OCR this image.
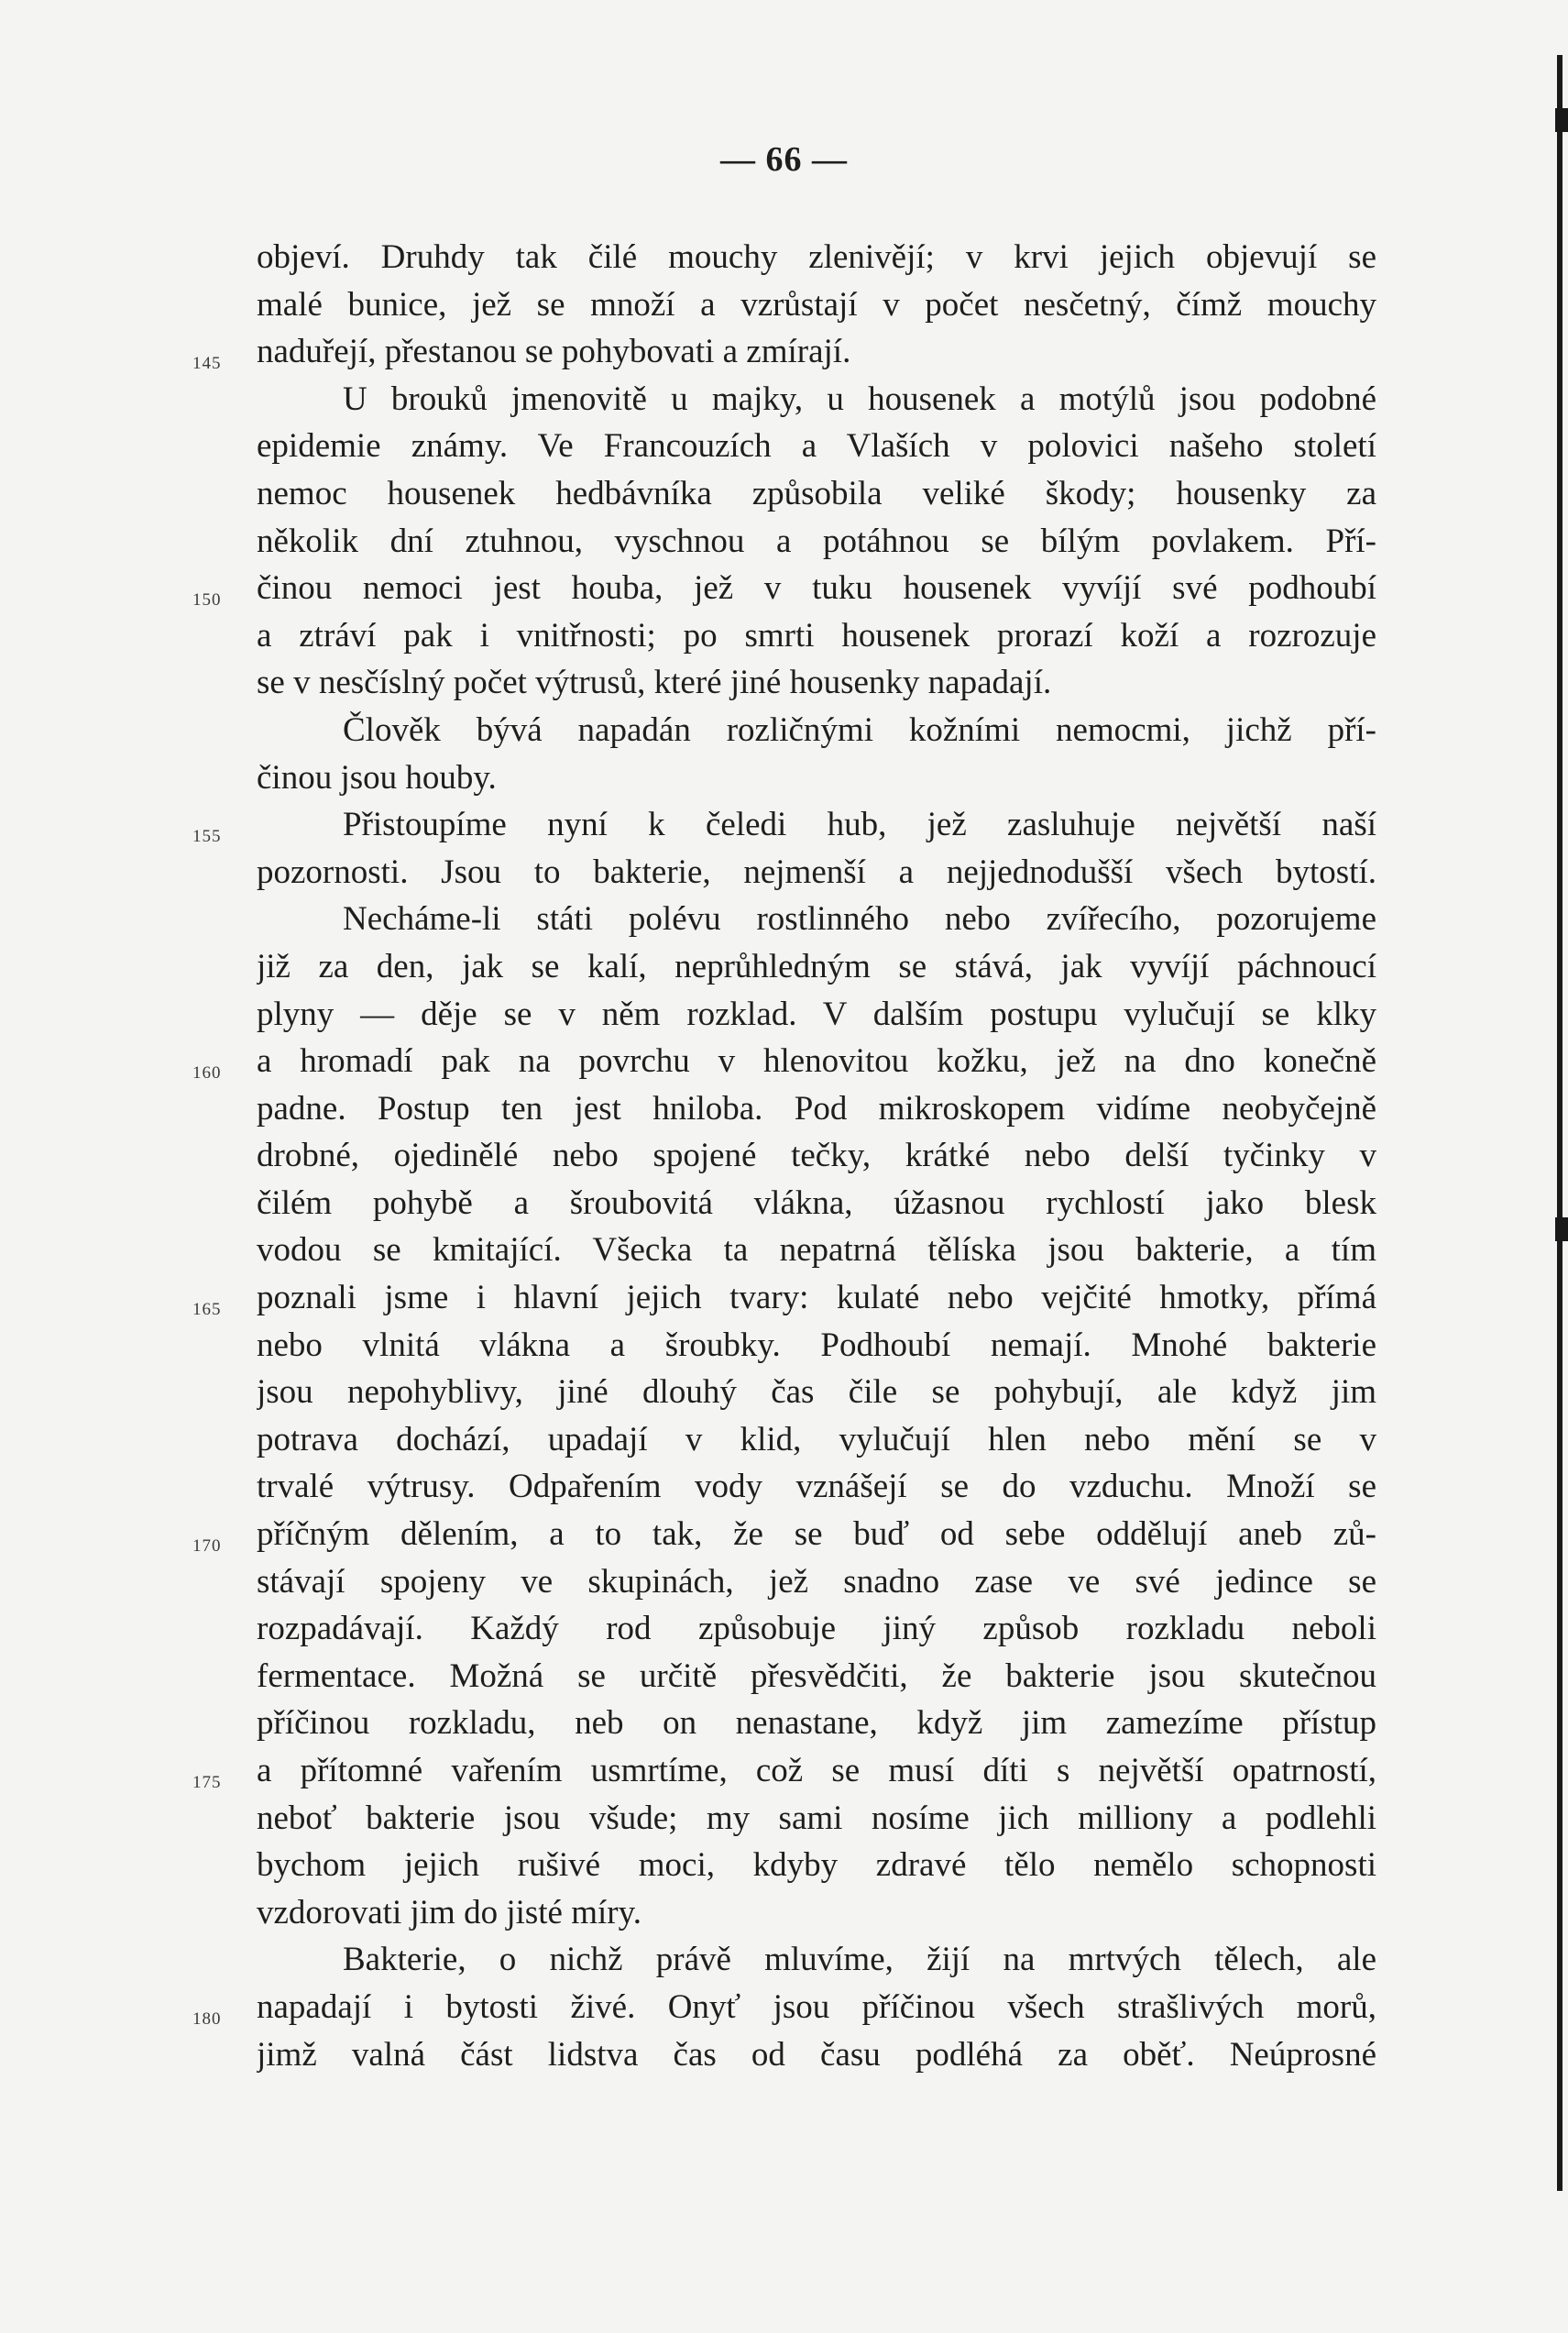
— 66 —
145
150
155
160
165
170
175
180
objeví. Druhdy tak čilé mouchy zlenivějí; v krvi jejich objevují se
malé bunice, jež se množí a vzrůstají v počet nesčetný, čímž mouchy
naduřejí, přestanou se pohybovati a zmírají.
U brouků jmenovitě u majky, u housenek a motýlů jsou podobné
epidemie známy. Ve Francouzích a Vlaších v polovici našeho století
nemoc housenek hedbávníka způsobila veliké škody; housenky za
několik dní ztuhnou, vyschnou a potáhnou se bílým povlakem. Pří-
činou nemoci jest houba, jež v tuku housenek vyvíjí své podhoubí
a ztráví pak i vnitřnosti; po smrti housenek prorazí koží a rozrozuje
se v nesčíslný počet výtrusů, které jiné housenky napadají.
Člověk bývá napadán rozličnými kožními nemocmi, jichž pří-
činou jsou houby.
Přistoupíme nyní k čeledi hub, jež zasluhuje největší naší
pozornosti. Jsou to bakterie, nejmenší a nejjednodušší všech bytostí.
Necháme-li státi polévu rostlinného nebo zvířecího, pozorujeme
již za den, jak se kalí, neprůhledným se stává, jak vyvíjí páchnoucí
plyny — děje se v něm rozklad. V dalším postupu vylučují se klky
a hromadí pak na povrchu v hlenovitou kožku, jež na dno konečně
padne. Postup ten jest hniloba. Pod mikroskopem vidíme neobyčejně
drobné, ojedinělé nebo spojené tečky, krátké nebo delší tyčinky v
čilém pohybě a šroubovitá vlákna, úžasnou rychlostí jako blesk
vodou se kmitající. Všecka ta nepatrná tělíska jsou bakterie, a tím
poznali jsme i hlavní jejich tvary: kulaté nebo vejčité hmotky, přímá
nebo vlnitá vlákna a šroubky. Podhoubí nemají. Mnohé bakterie
jsou nepohyblivy, jiné dlouhý čas čile se pohybují, ale když jim
potrava dochází, upadají v klid, vylučují hlen nebo mění se v
trvalé výtrusy. Odpařením vody vznášejí se do vzduchu. Množí se
příčným dělením, a to tak, že se buď od sebe oddělují aneb zů-
stávají spojeny ve skupinách, jež snadno zase ve své jedince se
rozpadávají. Každý rod způsobuje jiný způsob rozkladu neboli
fermentace. Možná se určitě přesvědčiti, že bakterie jsou skutečnou
příčinou rozkladu, neb on nenastane, když jim zamezíme přístup
a přítomné vařením usmrtíme, což se musí díti s největší opatrností,
neboť bakterie jsou všude; my sami nosíme jich milliony a podlehli
bychom jejich rušivé moci, kdyby zdravé tělo nemělo schopnosti
vzdorovati jim do jisté míry.
Bakterie, o nichž právě mluvíme, žijí na mrtvých tělech, ale
napadají i bytosti živé. Onyť jsou příčinou všech strašlivých morů,
jimž valná část lidstva čas od času podléhá za oběť. Neúprosné
